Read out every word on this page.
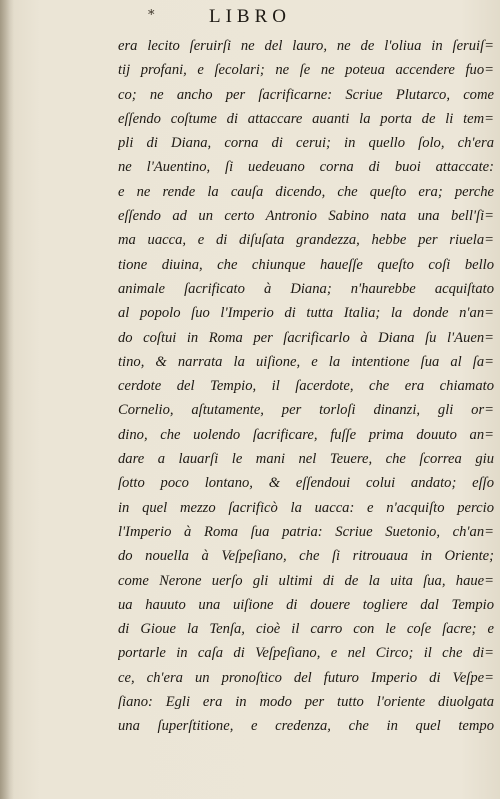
*	LIBRO
era lecito ſeruirſi ne del lauro, ne de l'oliua in ſeruiſ=
tij profani, e ſecolari; ne ſe ne poteua accendere fuo=
co; ne ancho per ſacrificarne: Scriue Plutarco, come
eſſendo coſtume di attaccare auanti la porta de li tem=
pli di Diana, corna di cerui; in quello ſolo, ch'era
ne l'Auentino, ſi uedeuano corna di buoi attaccate:
e ne rende la cauſa dicendo, che queſto era; perche
eſſendo ad un certo Antronio Sabino nata una bell'ſi=
ma uacca, e di diſuſata grandezza, hebbe per riuela=
tione diuina, che chiunque haueſſe queſto coſi bello
animale ſacrificato à Diana; n'haurebbe acquiſtato
al popolo ſuo l'Imperio di tutta Italia; la donde n'an=
do coſtui in Roma per ſacrificarlo à Diana ſu l'Auen=
tino, & narrata la uiſione, e la intentione ſua al ſa=
cerdote del Tempio, il ſacerdote, che era chiamato
Cornelio, aſtutamente, per torloſi dinanzi, gli or=
dino, che uolendo ſacrificare, fuſſe prima douuto an=
dare a lauarſi le mani nel Teuere, che ſcorrea giu
ſotto poco lontano, & eſſendoui colui andato; eſſo
in quel mezzo ſacrificò la uacca: e n'acquiſto percio
l'Imperio à Roma ſua patria: Scriue Suetonio, ch'an=
do nouella à Veſpeſiano, che ſi ritrouaua in Oriente;
come Nerone uerſo gli ultimi di de la uita ſua, haue=
ua hauuto una uiſione di douere togliere dal Tempio
di Gioue la Tenſa, cioè il carro con le coſe ſacre; e
portarle in caſa di Veſpeſiano, e nel Circo; il che di=
ce, ch'era un pronoſtico del futuro Imperio di Veſpe=
ſiano: Egli era in modo per tutto l'oriente diuolgata
una ſuperſtitione, e credenza, che in quel tempo
